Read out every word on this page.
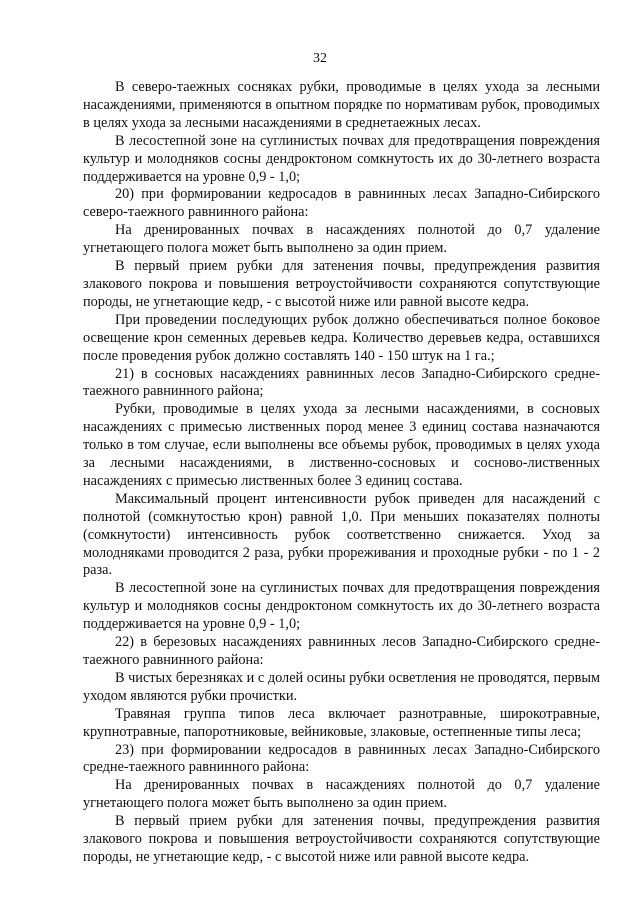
32

В северо-таежных сосняках рубки, проводимые в целях ухода за лесными насаждениями, применяются в опытном порядке по нормативам рубок, проводимых в целях ухода за лесными насаждениями в среднетаежных лесах.

В лесостепной зоне на суглинистых почвах для предотвращения повреждения культур и молодняков сосны дендроктоном сомкнутость их до 30-летнего возраста поддерживается на уровне 0,9 - 1,0;

20) при формировании кедросадов в равнинных лесах Западно-Сибирского северо-таежного равнинного района:

На дренированных почвах в насаждениях полнотой до 0,7 удаление угнетающего полога может быть выполнено за один прием.

В первый прием рубки для затенения почвы, предупреждения развития злакового покрова и повышения ветроустойчивости сохраняются сопутствующие породы, не угнетающие кедр, - с высотой ниже или равной высоте кедра.

При проведении последующих рубок должно обеспечиваться полное боковое освещение крон семенных деревьев кедра. Количество деревьев кедра, оставшихся после проведения рубок должно составлять 140 - 150 штук на 1 га.;

21) в сосновых насаждениях равнинных лесов Западно-Сибирского средне-таежного равнинного района;

Рубки, проводимые в целях ухода за лесными насаждениями, в сосновых насаждениях с примесью лиственных пород менее 3 единиц состава назначаются только в том случае, если выполнены все объемы рубок, проводимых в целях ухода за лесными насаждениями, в лиственно-сосновых и сосново-лиственных насаждениях с примесью лиственных более 3 единиц состава.

Максимальный процент интенсивности рубок приведен для насаждений с полнотой (сомкнутостью крон) равной 1,0. При меньших показателях полноты (сомкнутости) интенсивность рубок соответственно снижается. Уход за молодняками проводится 2 раза, рубки прореживания и проходные рубки - по 1 - 2 раза.

В лесостепной зоне на суглинистых почвах для предотвращения повреждения культур и молодняков сосны дендроктоном сомкнутость их до 30-летнего возраста поддерживается на уровне 0,9 - 1,0;

22) в березовых насаждениях равнинных лесов Западно-Сибирского средне-таежного равнинного района:

В чистых березняках и с долей осины рубки осветления не проводятся, первым уходом являются рубки прочистки.

Травяная группа типов леса включает разнотравные, широкотравные, крупнотравные, папоротниковые, вейниковые, злаковые, остепненные типы леса;

23) при формировании кедросадов в равнинных лесах Западно-Сибирского средне-таежного равнинного района:

На дренированных почвах в насаждениях полнотой до 0,7 удаление угнетающего полога может быть выполнено за один прием.

В первый прием рубки для затенения почвы, предупреждения развития злакового покрова и повышения ветроустойчивости сохраняются сопутствующие породы, не угнетающие кедр, - с высотой ниже или равной высоте кедра.
